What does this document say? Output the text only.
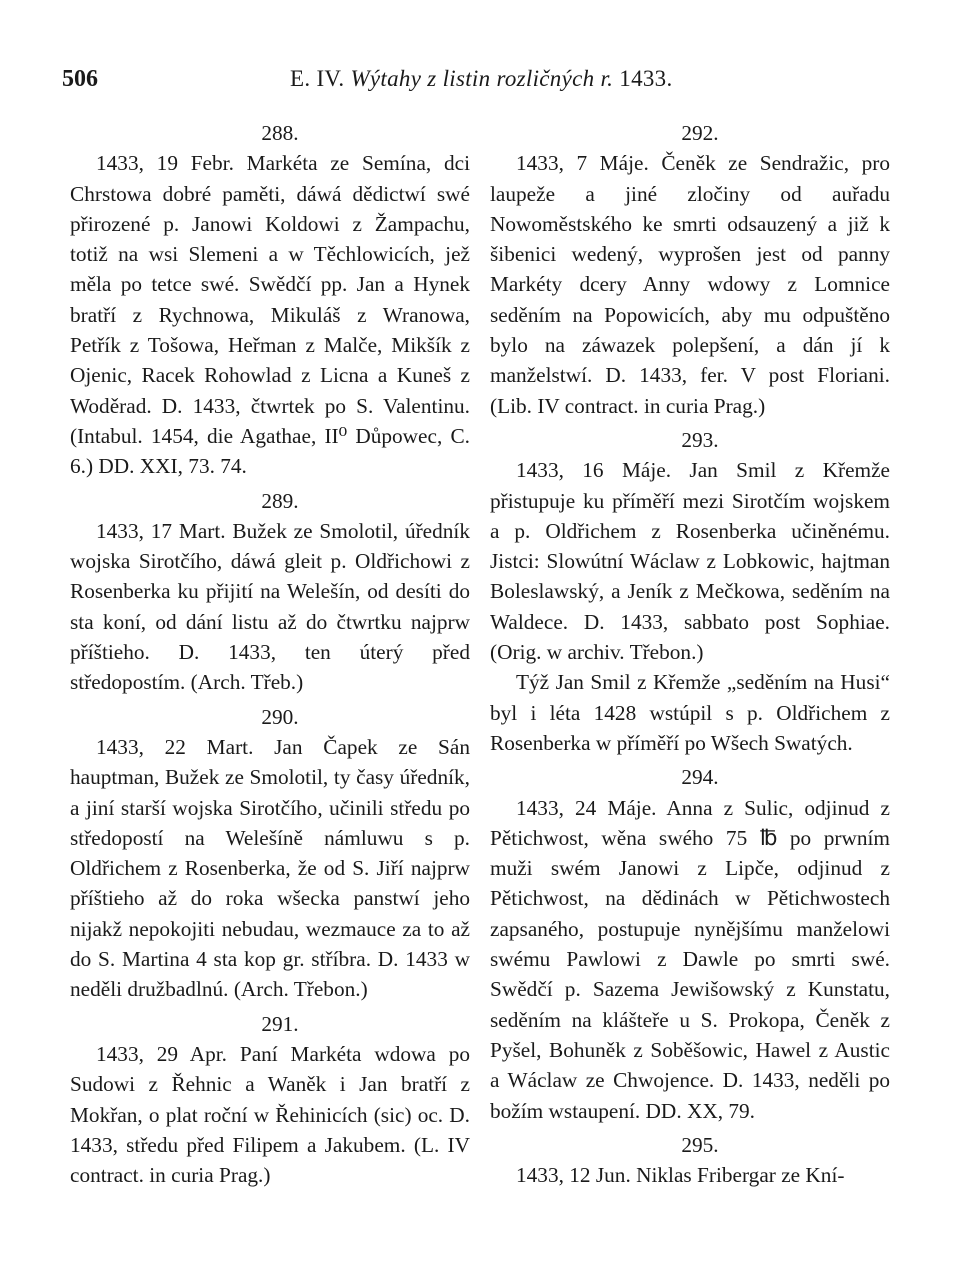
506	E. IV. Wýtahy z listin rozličných r. 1433.

288.

1433, 19 Febr. Markéta ze Semína, dci Chrstowa dobré paměti, dáwá dědictwí swé přirozené p. Janowi Koldowi z Žampachu, totiž na wsi Slemeni a w Těchlowicích, jež měla po tetce swé. Swědčí pp. Jan a Hynek bratří z Rychnowa, Mikuláš z Wranowa, Petřík z Tošowa, Heřman z Malče, Mikšík z Ojenic, Racek Rohowlad z Licna a Kuneš z Woděrad. D. 1433, čtwrtek po S. Valentinu. (Intabul. 1454, die Agathae, II⁰ Důpowec, C. 6.) DD. XXI, 73. 74.

289.

1433, 17 Mart. Bužek ze Smolotil, úředník wojska Sirotčího, dáwá gleit p. Oldřichowi z Rosenberka ku přijití na Welešín, od desíti do sta koní, od dání listu až do čtwrtku najprw příštieho. D. 1433, ten úterý před středopostím. (Arch. Třeb.)

290.

1433, 22 Mart. Jan Čapek ze Sán hauptman, Bužek ze Smolotil, ty časy úředník, a jiní starší wojska Sirotčího, učinili středu po středopostí na Welešíně námluwu s p. Oldřichem z Rosenberka, že od S. Jiří najprw příštieho až do roka wšecka panstwí jeho nijakž nepokojiti nebudau, wezmauce za to až do S. Martina 4 sta kop gr. stříbra. D. 1433 w neděli družbadlnú. (Arch. Třebon.)

291.

1433, 29 Apr. Paní Markéta wdowa po Sudowi z Řehnic a Waněk i Jan bratří z Mokřan, o plat roční w Řehinicích (sic) oc. D. 1433, středu před Filipem a Jakubem. (L. IV contract. in curia Prag.)

292.

1433, 7 Máje. Čeněk ze Sendražic, pro laupeže a jiné zločiny od auřadu Nowoměstského ke smrti odsauzený a již k šibenici wedený, wyprošen jest od panny Markéty dcery Anny wdowy z Lomnice seděním na Popowicích, aby mu odpuštěno bylo na záwazek polepšení, a dán jí k manželstwí. D. 1433, fer. V post Floriani. (Lib. IV contract. in curia Prag.)

293.

1433, 16 Máje. Jan Smil z Křemže přistupuje ku příměří mezi Sirotčím wojskem a p. Oldřichem z Rosenberka učiněnému. Jistci: Slowútní Wáclaw z Lobkowic, hajtman Boleslawský, a Jeník z Mečkowa, seděním na Waldece. D. 1433, sabbato post Sophiae. (Orig. w archiv. Třebon.)

Týž Jan Smil z Křemže „seděním na Husi“ byl i léta 1428 wstúpil s p. Oldřichem z Rosenberka w příměří po Wšech Swatých.

294.

1433, 24 Máje. Anna z Sulic, odjinud z Pětichwost, wěna swého 75 ℔ po prwním muži swém Janowi z Lipče, odjinud z Pětichwost, na dědinách w Pětichwostech zapsaného, postupuje nynějšímu manželowi swému Pawlowi z Dawle po smrti swé. Swědčí p. Sazema Jewišowský z Kunstatu, seděním na klášteře u S. Prokopa, Čeněk z Pyšel, Bohuněk z Soběšowic, Hawel z Austic a Wáclaw ze Chwojence. D. 1433, neděli po božím wstaupení. DD. XX, 79.

295.

1433, 12 Jun. Niklas Fribergar ze Kní-
